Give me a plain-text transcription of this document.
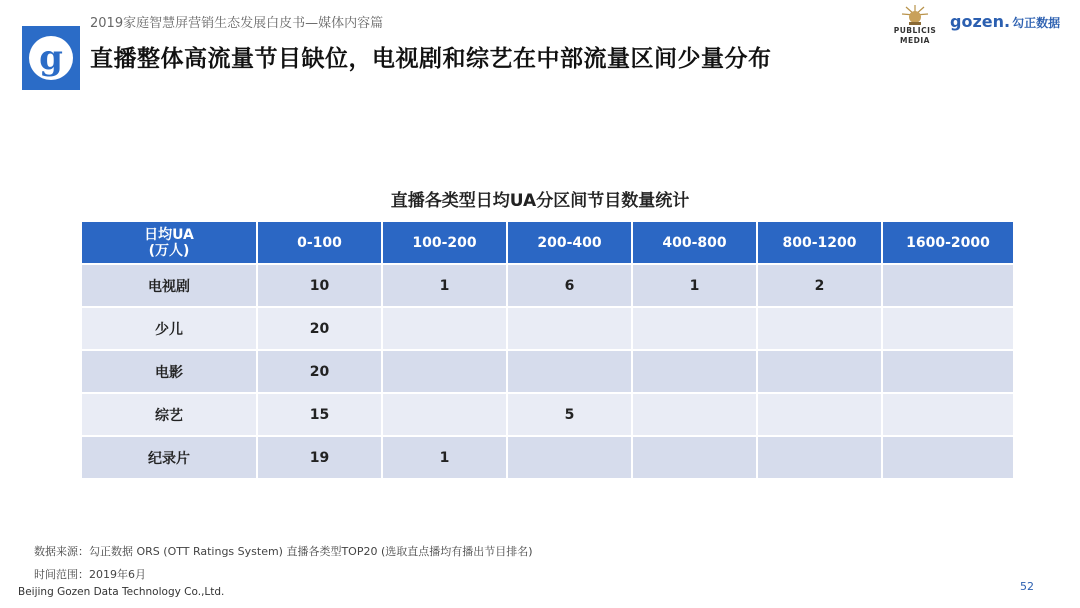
g
2019家庭智慧屏营销生态发展白皮书—媒体内容篇
直播整体高流量节目缺位，电视剧和综艺在中部流量区间少量分布
PUBLICIS
MEDIA
gozen. 勾正数据
直播各类型日均UA分区间节目数量统计
日均UA
(万人)	0-100	100-200	200-400	400-800	800-1200	1600-2000
电视剧	10	1	6	1	2	
少儿	20					
电影	20					
综艺	15		5			
纪录片	19	1				
数据来源：勾正数据 ORS (OTT Ratings System) 直播各类型TOP20 (选取直点播均有播出节目排名)
时间范围：2019年6月
Beijing Gozen Data Technology Co.,Ltd.	52
